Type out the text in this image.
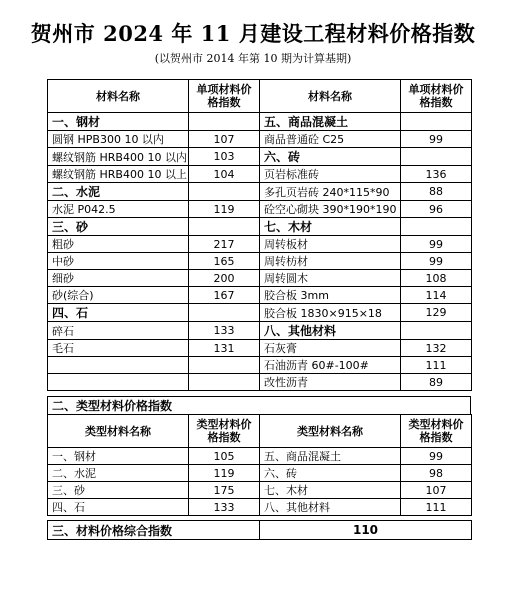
贺州市 2024 年 11 月建设工程材料价格指数
(以贺州市 2014 年第 10 期为计算基期)
材料名称	单项材料价格指数	材料名称	单项材料价格指数
一、钢材		五、商品混凝土	
圆钢 HPB300 10 以内	107	商品普通砼 C25	99
螺纹钢筋 HRB400 10 以内	103	六、砖	
螺纹钢筋 HRB400 10 以上	104	页岩标准砖	136
二、水泥		多孔页岩砖 240*115*90	88
水泥 P042.5	119	砼空心砌块 390*190*190	96
三、砂		七、木材	
粗砂	217	周转板材	99
中砂	165	周转枋材	99
细砂	200	周转圆木	108
砂(综合)	167	胶合板 3mm	114
四、石		胶合板 1830×915×18	129
碎石	133	八、其他材料	
毛石	131	石灰膏	132
		石油沥青 60#-100#	111
		改性沥青	89
二、类型材料价格指数
类型材料名称	类型材料价格指数	类型材料名称	类型材料价格指数
一、钢材	105	五、商品混凝土	99
二、水泥	119	六、砖	98
三、砂	175	七、木材	107
四、石	133	八、其他材料	111
三、材料价格综合指数	110
